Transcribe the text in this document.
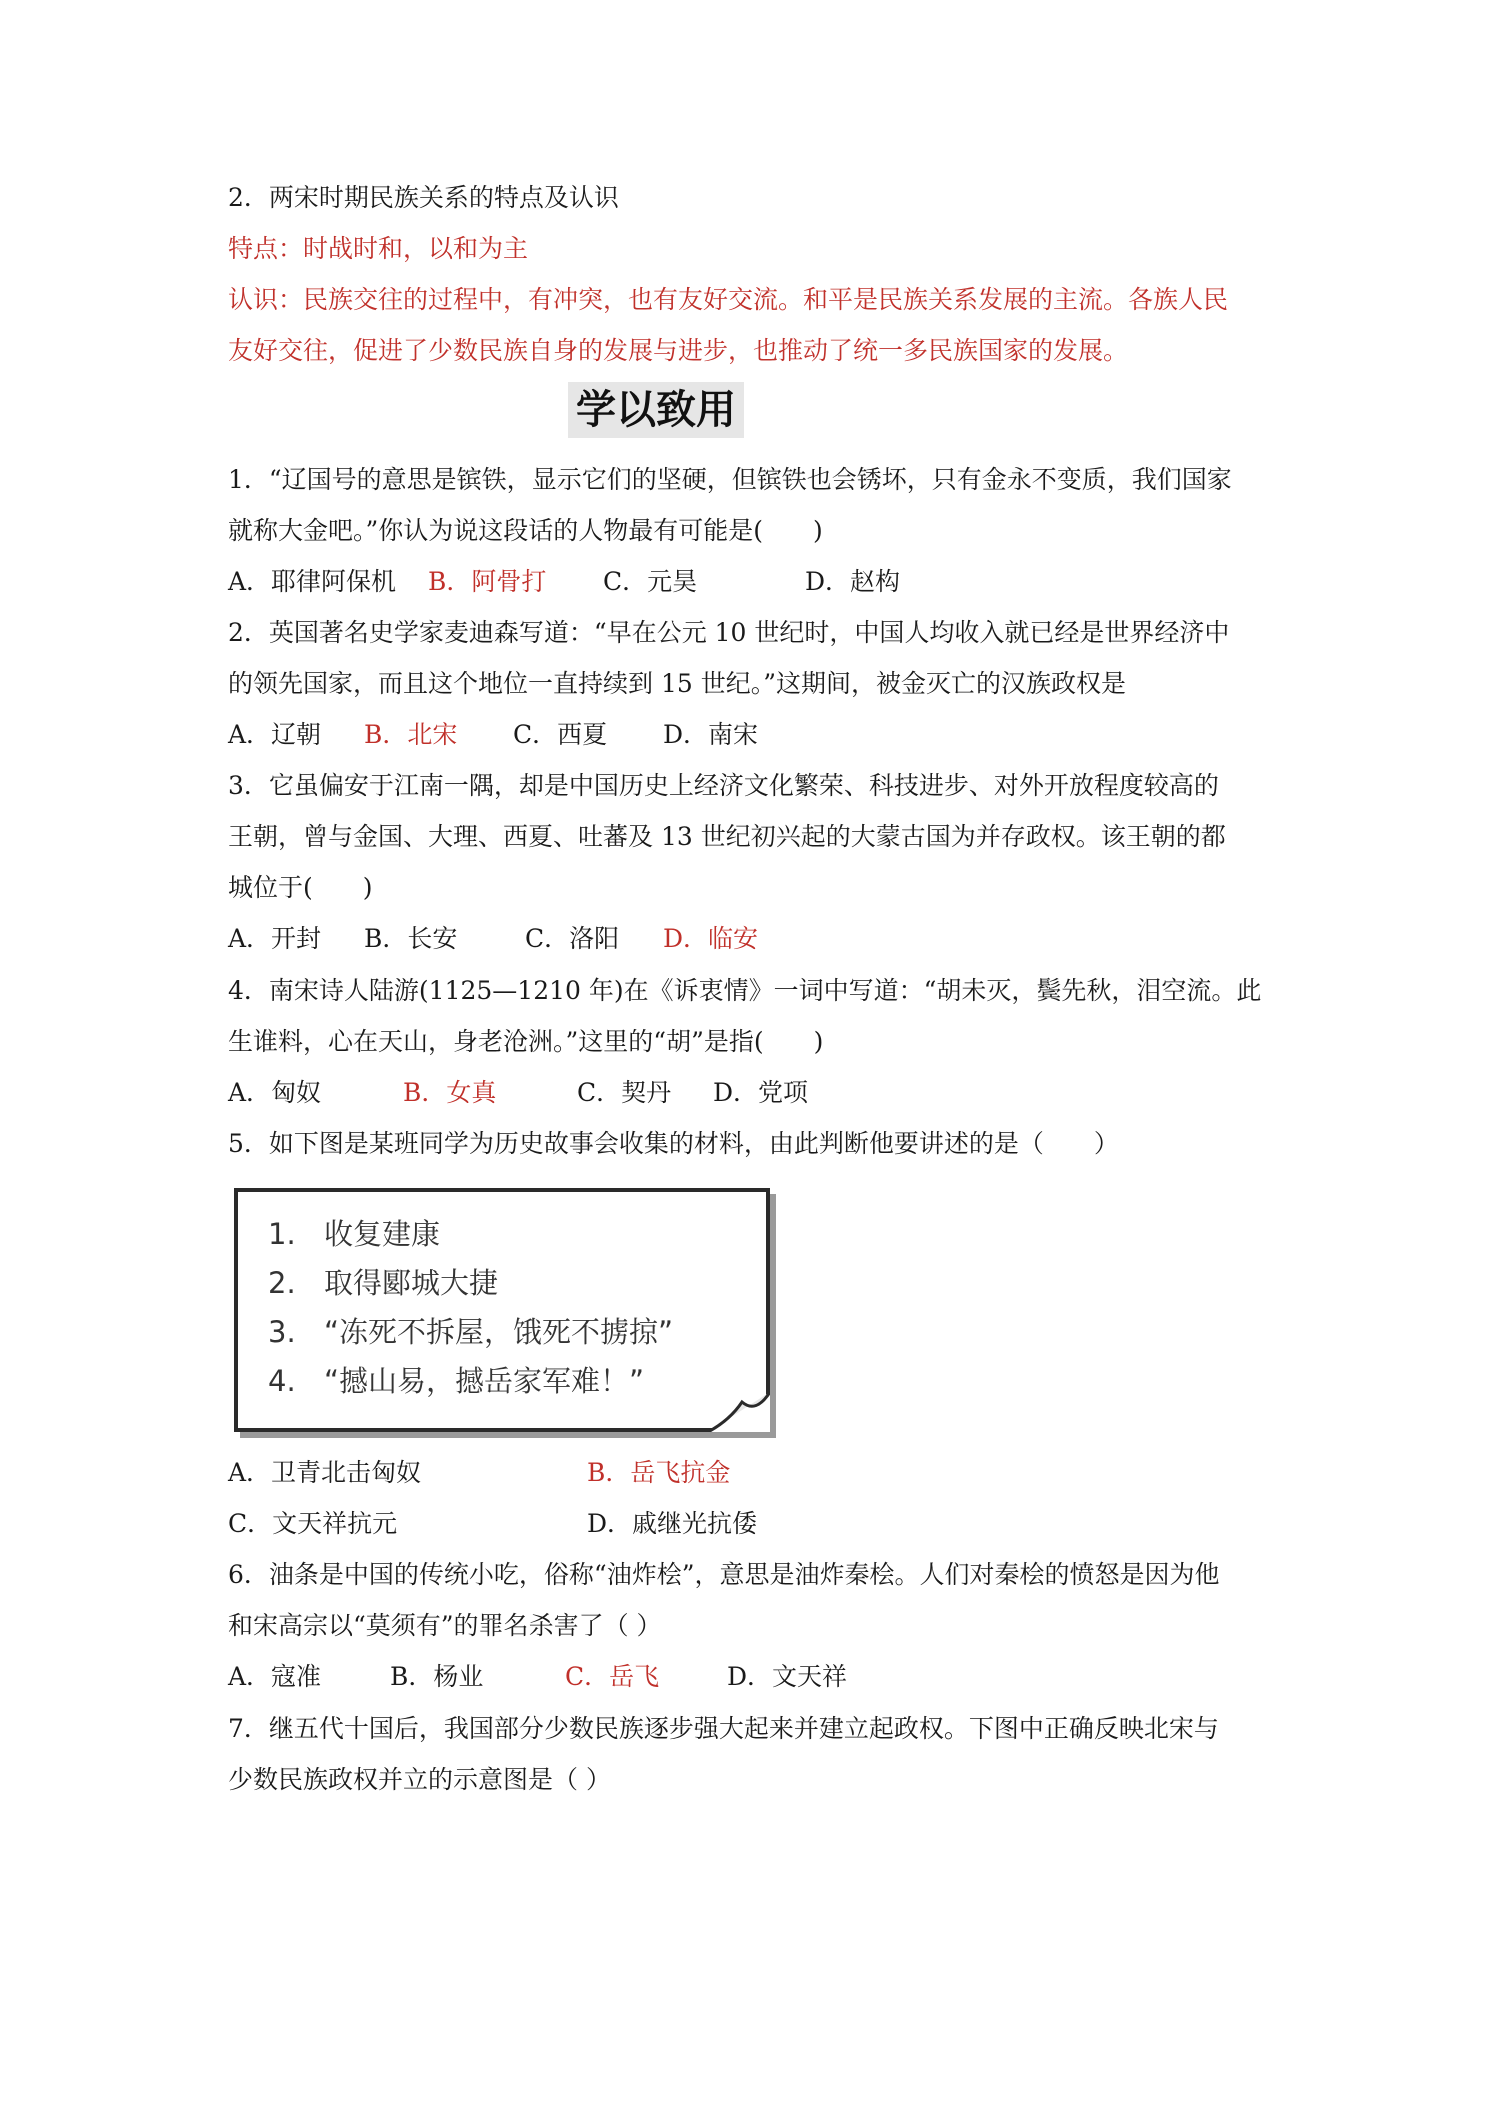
2．两宋时期民族关系的特点及认识
特点：时战时和，以和为主
认识：民族交往的过程中，有冲突，也有友好交流。和平是民族关系发展的主流。各族人民
友好交往，促进了少数民族自身的发展与进步，也推动了统一多民族国家的发展。
学以致用
1．“辽国号的意思是镔铁，显示它们的坚硬，但镔铁也会锈坏，只有金永不变质，我们国家
就称大金吧。”你认为说这段话的人物最有可能是(　　)
A．耶律阿保机 B．阿骨打 C．元昊	D．赵构
2．英国著名史学家麦迪森写道：“早在公元 10 世纪时，中国人均收入就已经是世界经济中
的领先国家，而且这个地位一直持续到 15 世纪。”这期间，被金灭亡的汉族政权是
A．辽朝 B．北宋 C．西夏 D．南宋
3．它虽偏安于江南一隅，却是中国历史上经济文化繁荣、科技进步、对外开放程度较高的
王朝，曾与金国、大理、西夏、吐蕃及 13 世纪初兴起的大蒙古国为并存政权。该王朝的都
城位于(　　)
A．开封 B．长安	C．洛阳 D．临安
4．南宋诗人陆游(1125—1210 年)在《诉衷情》一词中写道：“胡未灭，鬓先秋，泪空流。此
生谁料，心在天山，身老沧洲。”这里的“胡”是指(　　)
A．匈奴	B．女真	C．契丹 D．党项
5．如下图是某班同学为历史故事会收集的材料，由此判断他要讲述的是（　　）
1. 收复建康
2. 取得郾城大捷
3. “冻死不拆屋，饿死不掳掠”
4. “撼山易，撼岳家军难！”
A．卫青北击匈奴	B．岳飞抗金
C．文天祥抗元	D．戚继光抗倭
6．油条是中国的传统小吃，俗称“油炸桧”，意思是油炸秦桧。人们对秦桧的愤怒是因为他
和宋高宗以“莫须有”的罪名杀害了（ ）
A．寇准	B．杨业	C．岳飞	D．文天祥
7．继五代十国后，我国部分少数民族逐步强大起来并建立起政权。下图中正确反映北宋与
少数民族政权并立的示意图是（ ）
